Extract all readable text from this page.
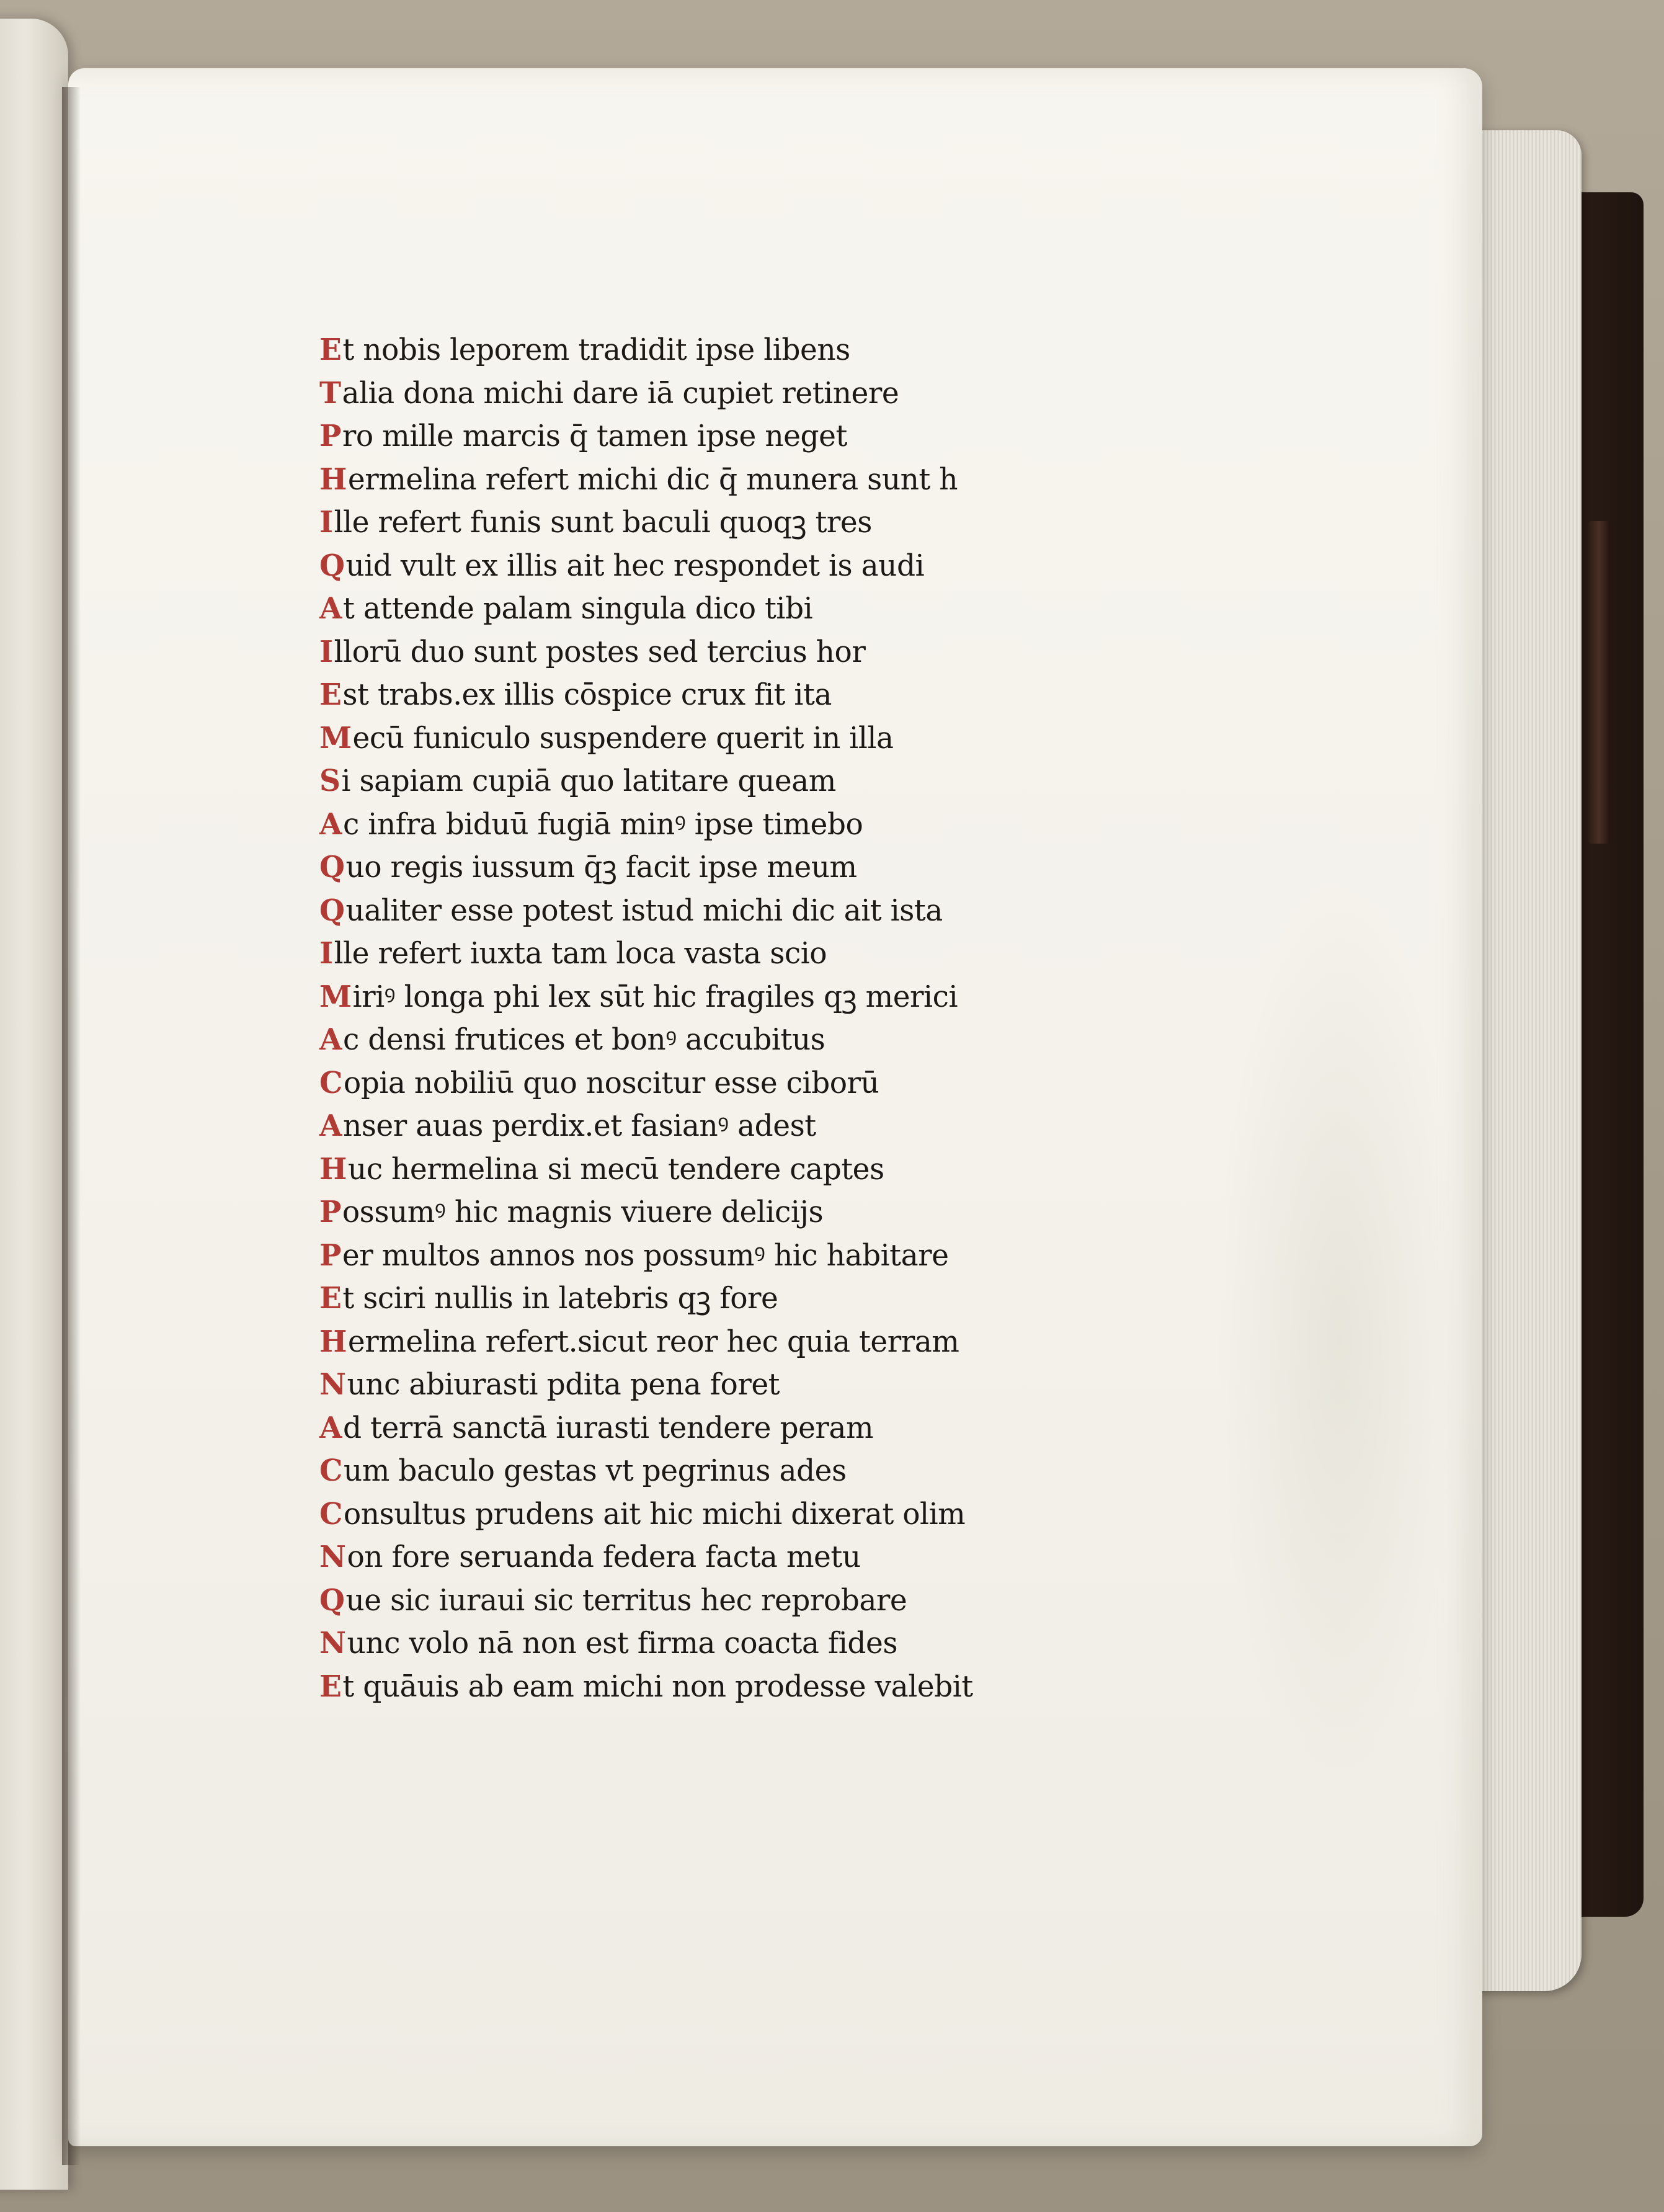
Et nobis leporem tradidit ipse libens
Talia dona michi dare iā cupiet retinere
Pro mille marcis q̄ tamen ipse neget
Hermelina refert michi dic q̄ munera sunt h
Ille refert funis sunt baculi quoqꝫ tres
Quid vult ex illis ait hec respondet is audi
At attende palam singula dico tibi
Illorū duo sunt postes sed tercius hor
Est trabs.ex illis cōspice crux fit ita
Mecū funiculo suspendere querit in illa
Si sapiam cupiā quo latitare queam
Ac infra biduū fugiā minꝰ ipse timebo
Quo regis iussum q̄ꝫ facit ipse meum
Qualiter esse potest istud michi dic ait ista
Ille refert iuxta tam loca vasta scio
Miriꝰ longa phi lex sūt hic fragiles qꝫ merici
Ac densi frutices et bonꝰ accubitus
Copia nobiliū quo noscitur esse ciborū
Anser auas perdix.et fasianꝰ adest
Huc hermelina si mecū tendere captes
Possumꝰ hic magnis viuere delicijs
Per multos annos nos possumꝰ hic habitare
Et sciri nullis in latebris qꝫ fore
Hermelina refert.sicut reor hec quia terram
Nunc abiurasti pdita pena foret
Ad terrā sanctā iurasti tendere peram
Cum baculo gestas vt pegrinus ades
Consultus prudens ait hic michi dixerat olim
Non fore seruanda federa facta metu
Que sic iuraui sic territus hec reprobare
Nunc volo nā non est firma coacta fides
Et quāuis ab eam michi non prodesse valebit
